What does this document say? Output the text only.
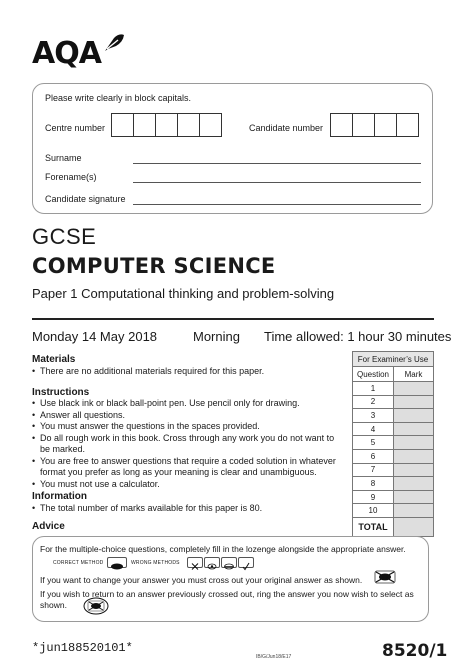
AQA
Please write clearly in block capitals.
Centre number	Candidate number
Surname
Forename(s)
Candidate signature
GCSE
COMPUTER SCIENCE
Paper 1 Computational thinking and problem-solving
Monday 14 May 2018	Morning Time allowed: 1 hour 30 minutes
Materials
• There are no additional materials required for this paper.
Instructions
• Use black ink or black ball-point pen. Use pencil only for drawing.
• Answer all questions.
• You must answer the questions in the spaces provided.
• Do all rough work in this book. Cross through any work you do not want to be marked.
• You are free to answer questions that require a coded solution in whatever format you prefer as long as your meaning is clear and unambiguous.
• You must not use a calculator.
Information
• The total number of marks available for this paper is 80.
For Examiner’s Use	
Question	Mark
1	
2	
3	
4	
5	
6	
7	
8	
9	
10	
TOTAL	
Advice
For the multiple-choice questions, completely fill in the lozenge alongside the appropriate answer.
CORRECT METHOD	WRONG METHODS
If you want to change your answer you must cross out your original answer as shown.
If you wish to return to an answer previously crossed out, ring the answer you now wish to select as
shown.
*jun188520101*
IB/G/Jun18/E17	8520/1
